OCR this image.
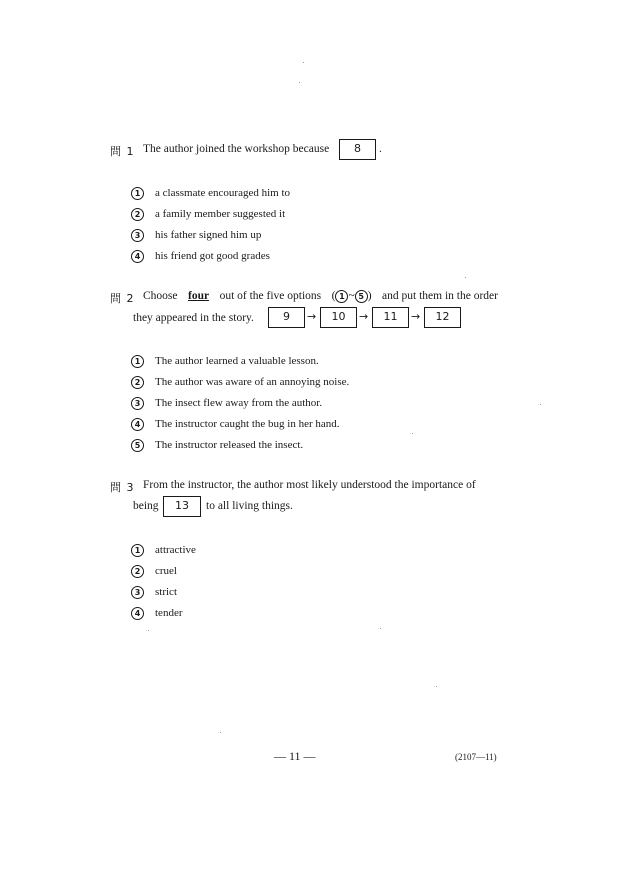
問 1 The author joined the workshop because	8	.
1 a classmate encouraged him to
2 a family member suggested it
3 his father signed him up
4 his friend got good grades
問 2 Choose four out of the five options ( 1 ~ 5 ) and put them in the order
they appeared in the story.	9	→	10	→	11	→	12
1 The author learned a valuable lesson.
2 The author was aware of an annoying noise.
3 The insect flew away from the author.
4 The instructor caught the bug in her hand.
5 The instructor released the insect.
問 3 From the instructor, the author most likely understood the importance of
being	13	to all living things.
1 attractive
2 cruel
3 strict
4 tender
— 11 —	(2107—11)
